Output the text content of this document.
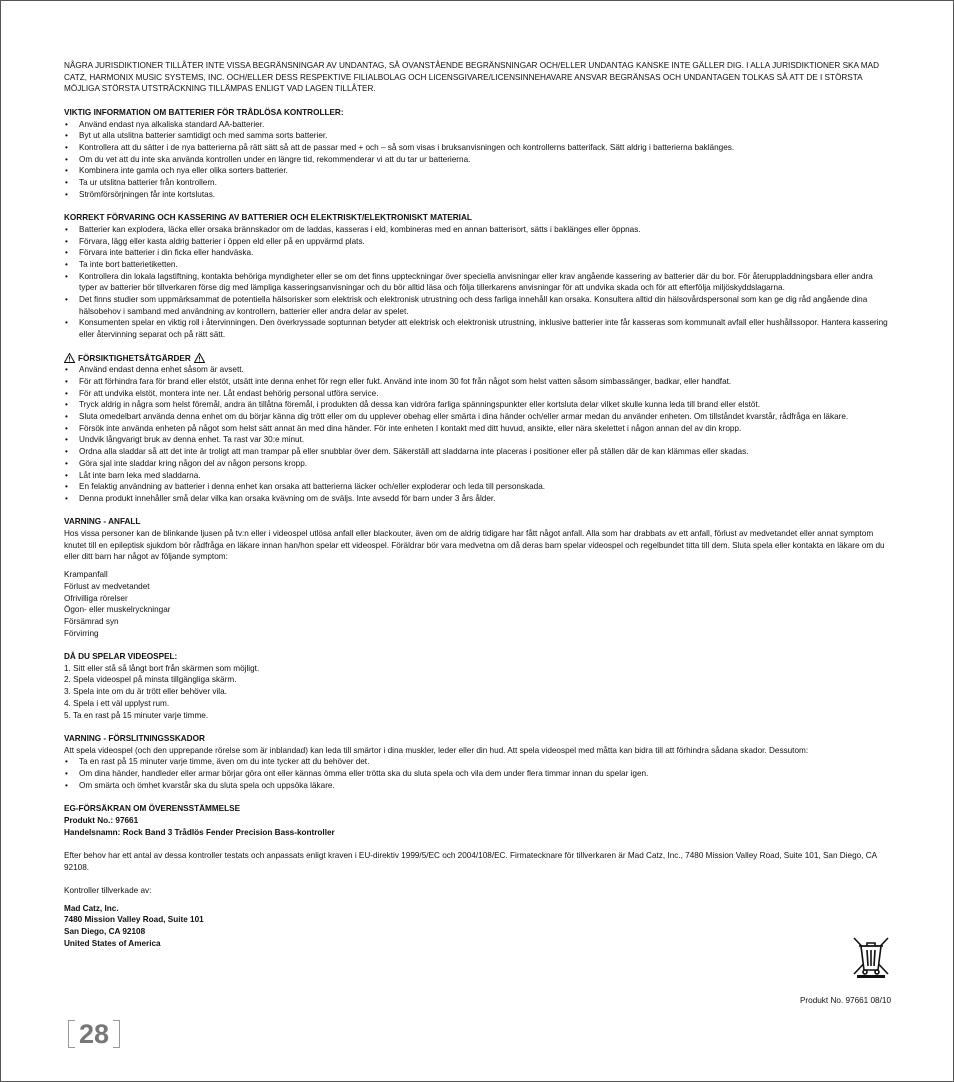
NÅGRA JURISDIKTIONER TILLÅTER INTE VISSA BEGRÄNSNINGAR AV UNDANTAG, SÅ OVANSTÅENDE BEGRÄNSNINGAR OCH/ELLER UNDANTAG KANSKE INTE GÄLLER DIG. I ALLA JURISDIKTIONER SKA MAD CATZ, HARMONIX MUSIC SYSTEMS, INC. OCH/ELLER DESS RESPEKTIVE FILIALBOLAG OCH LICENSGIVARE/LICENSINNEHAVARE ANSVAR BEGRÄNSAS OCH UNDANTAGEN TOLKAS SÅ ATT DE I STÖRSTA MÖJLIGA STÖRSTA UTSTRÄCKNING TILLÄMPAS ENLIGT VAD LAGEN TILLÅTER.

VIKTIG INFORMATION OM BATTERIER FÖR TRÅDLÖSA KONTROLLER:
• Använd endast nya alkaliska standard AA-batterier.
• Byt ut alla utslitna batterier samtidigt och med samma sorts batterier.
• Kontrollera att du sätter i de nya batterierna på rätt sätt så att de passar med + och – så som visas i bruksanvisningen och kontrollerns batterifack. Sätt aldrig i batterierna baklänges.
• Om du vet att du inte ska använda kontrollen under en längre tid, rekommenderar vi att du tar ur batterierna.
• Kombinera inte gamla och nya eller olika sorters batterier.
• Ta ur utslitna batterier från kontrollern.
• Strömförsörjningen får inte kortslutas.
KORREKT FÖRVARING OCH KASSERING AV BATTERIER OCH ELEKTRISKT/ELEKTRONISKT MATERIAL
• Batterier kan explodera, läcka eller orsaka brännskador om de laddas, kasseras i eld, kombineras med en annan batterisort, sätts i baklänges eller öppnas.
• Förvara, lägg eller kasta aldrig batterier i öppen eld eller på en uppvärmd plats.
• Förvara inte batterier i din ficka eller handväska.
• Ta inte bort batterietiketten.
• Kontrollera din lokala lagstiftning, kontakta behöriga myndigheter eller se om det finns uppteckningar över speciella anvisningar eller krav angående kassering av batterier där du bor. För återuppladdningsbara eller andra typer av batterier bör tillverkaren förse dig med lämpliga kasseringsanvisningar och du bör alltid läsa och följa tillerkarens anvisningar för att undvika skada och för att efterfölja miljöskyddslagarna.
• Det finns studier som uppmärksammat de potentiella hälsorisker som elektrisk och elektronisk utrustning och dess farliga innehåll kan orsaka. Konsultera alltid din hälsovårdspersonal som kan ge dig råd angående dina hälsobehov i samband med användning av kontrollern, batterier eller andra delar av spelet.
• Konsumenten spelar en viktig roll i återvinningen. Den överkryssade soptunnan betyder att elektrisk och elektronisk utrustning, inklusive batterier inte får kasseras som kommunalt avfall eller hushållssopor. Hantera kassering eller återvinning separat och på rätt sätt.
FÖRSIKTIGHETSÅTGÄRDER
• Använd endast denna enhet såsom är avsett.
• För att förhindra fara för brand eller elstöt, utsätt inte denna enhet för regn eller fukt. Använd inte inom 30 fot från något som helst vatten såsom simbassänger, badkar, eller handfat.
• För att undvika elstöt, montera inte ner. Låt endast behörig personal utföra service.
• Tryck aldrig in några som helst föremål, andra än tillåtna föremål, i produkten då dessa kan vidröra farliga spänningspunkter eller kortsluta delar vilket skulle kunna leda till brand eller elstöt.
• Sluta omedelbart använda denna enhet om du börjar känna dig trött eller om du upplever obehag eller smärta i dina händer och/eller armar medan du använder enheten. Om tillståndet kvarstår, rådfråga en läkare.
• Försök inte använda enheten på något som helst sätt annat än med dina händer. För inte enheten I kontakt med ditt huvud, ansikte, eller nära skelettet i någon annan del av din kropp.
• Undvik långvarigt bruk av denna enhet. Ta rast var 30:e minut.
• Ordna alla sladdar så att det inte är troligt att man trampar på eller snubblar över dem. Säkerställ att sladdarna inte placeras i positioner eller på ställen där de kan klämmas eller skadas.
• Göra sjal inte sladdar kring någon del av någon persons kropp.
• Låt inte barn leka med sladdarna.
• En felaktig användning av batterier i denna enhet kan orsaka att batterierna läcker och/eller exploderar och leda till personskada.
• Denna produkt innehåller små delar vilka kan orsaka kvävning om de sväljs. Inte avsedd för barn under 3 års ålder.
VARNING - ANFALL

Hos vissa personer kan de blinkande ljusen på tv:n eller i videospel utlösa anfall eller blackouter, även om de aldrig tidigare har fått något anfall. Alla som har drabbats av ett anfall, förlust av medvetandet eller annat symptom knutet till en epileptisk sjukdom bör rådfråga en läkare innan han/hon spelar ett videospel. Föräldrar bör vara medvetna om då deras barn spelar videospel och regelbundet titta till dem. Sluta spela eller kontakta en läkare om du eller ditt barn har något av följande symptom:

Krampanfall
Förlust av medvetandet
Ofrivilliga rörelser
Ögon- eller muskelryckningar
Försämrad syn
Förvirring
DÅ DU SPELAR VIDEOSPEL:
1. Sitt eller stå så långt bort från skärmen som möjligt.
2. Spela videospel på minsta tillgängliga skärm.
3. Spela inte om du är trött eller behöver vila.
4. Spela i ett väl upplyst rum.
5. Ta en rast på 15 minuter varje timme.
VARNING - FÖRSLITNINGSSKADOR

Att spela videospel (och den upprepande rörelse som är inblandad) kan leda till smärtor i dina muskler, leder eller din hud. Att spela videospel med måtta kan bidra till att förhindra sådana skador. Dessutom:

• Ta en rast på 15 minuter varje timme, även om du inte tycker att du behöver det.
• Om dina händer, handleder eller armar börjar göra ont eller kännas ömma eller trötta ska du sluta spela och vila dem under flera timmar innan du spelar igen.
• Om smärta och ömhet kvarstår ska du sluta spela och uppsöka läkare.
EG-FÖRSÄKRAN OM ÖVERENSSTÄMMELSE

Produkt No.: 97661

Handelsnamn: Rock Band 3 Trådlös Fender Precision Bass-kontroller

Efter behov har ett antal av dessa kontroller testats och anpassats enligt kraven i EU-direktiv 1999/5/EC och 2004/108/EC. Firmatecknare för tillverkaren är Mad Catz, Inc., 7480 Mission Valley Road, Suite 101, San Diego, CA 92108.

Kontroller tillverkade av:

Mad Catz, Inc.
7480 Mission Valley Road, Suite 101
San Diego, CA 92108
United States of America
Produkt No. 97661 08/10
28
